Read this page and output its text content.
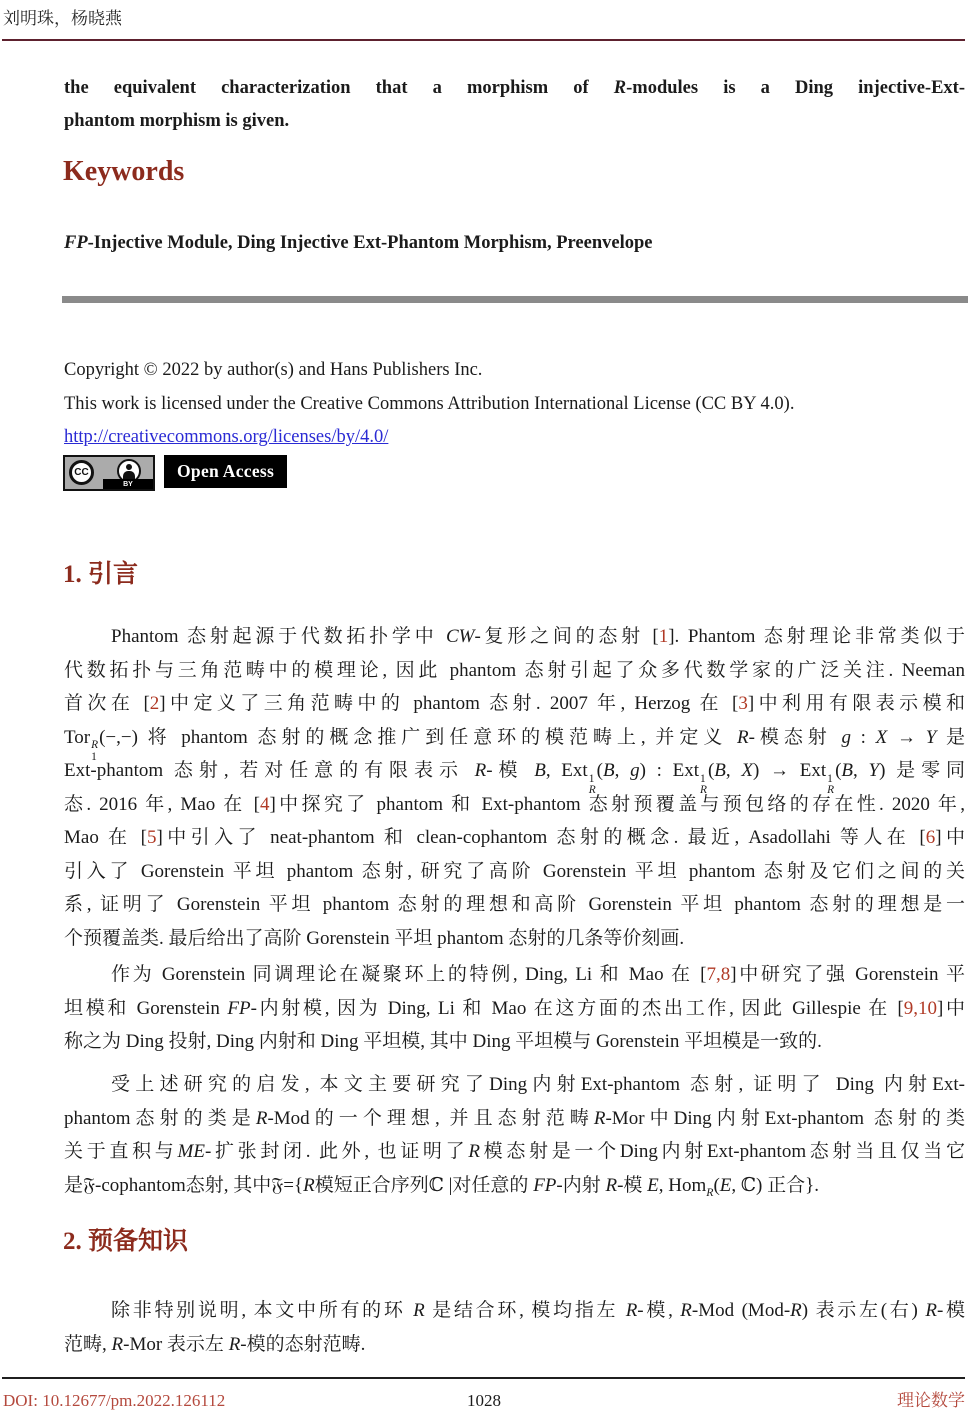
刘明珠，杨晓燕
the equivalent characterization that a morphism of R-modules is a Ding injective-Ext-
phantom morphism is given.
Keywords
FP-Injective Module, Ding Injective Ext-Phantom Morphism, Preenvelope
Copyright © 2022 by author(s) and Hans Publishers Inc.
This work is licensed under the Creative Commons Attribution International License (CC BY 4.0).
http://creativecommons.org/licenses/by/4.0/
CC
BY
Open Access
1. 引言
Phantom 态射起源于代数拓扑学中 CW-复形之间的态射 [1]. Phantom 态射理论非常类似于
代数拓扑与三角范畴中的模理论, 因此 phantom 态射引起了众多代数学家的广泛关注. Neeman
首次在 [2]中定义了三角范畴中的 phantom 态射. 2007 年, Herzog 在 [3]中利用有限表示模和
Tor R
1
(−,−) 将 phantom 态射的概念推广到任意环的模范畴上, 并定义 R-模态射 g : X → Y 是
Ext-phantom 态射, 若对任意的有限表示 R-模 B, Ext 1
R
(B, g) : Ext 1
R
(B, X) → Ext 1
R
(B, Y) 是零同
态. 2016 年, Mao 在 [4]中探究了 phantom 和 Ext-phantom 态射预覆盖与预包络的存在性. 2020 年,
Mao 在 [5]中引入了 neat-phantom 和 clean-cophantom 态射的概念. 最近, Asadollahi 等人在 [6]中
引入了 Gorenstein 平坦 phantom 态射, 研究了高阶 Gorenstein 平坦 phantom 态射及它们之间的关
系, 证明了 Gorenstein 平坦 phantom 态射的理想和高阶 Gorenstein 平坦 phantom 态射的理想是一
个预覆盖类. 最后给出了高阶 Gorenstein 平坦 phantom 态射的几条等价刻画.
作为 Gorenstein 同调理论在凝聚环上的特例, Ding, Li 和 Mao 在 [7,8]中研究了强 Gorenstein 平
坦模和 Gorenstein FP-内射模, 因为 Ding, Li 和 Mao 在这方面的杰出工作, 因此 Gillespie 在 [9,10]中
称之为 Ding 投射, Ding 内射和 Ding 平坦模, 其中 Ding 平坦模与 Gorenstein 平坦模是一致的.
受上述研究的启发, 本文主要研究了Ding内射Ext-phantom 态射, 证明了 Ding 内射Ext-
phantom态射的类是R-Mod的一个理想, 并且态射范畴R-Mor中Ding内射Ext-phantom 态射的类
关于直积与ME-扩张封闭. 此外, 也证明了R模态射是一个Ding内射Ext-phantom态射当且仅当它
是𝔉-cophantom态射, 其中𝔉={R模短正合序列ℂ |对任意的 FP-内射 R-模 E, Hom$_R$(E, ℂ) 正合}.
2. 预备知识
除非特别说明, 本文中所有的环 R 是结合环, 模均指左 R-模, R-Mod (Mod-R) 表示左(右) R-模
范畴, R-Mor 表示左 R-模的态射范畴.
DOI: 10.12677/pm.2022.126112	1028	理论数学
